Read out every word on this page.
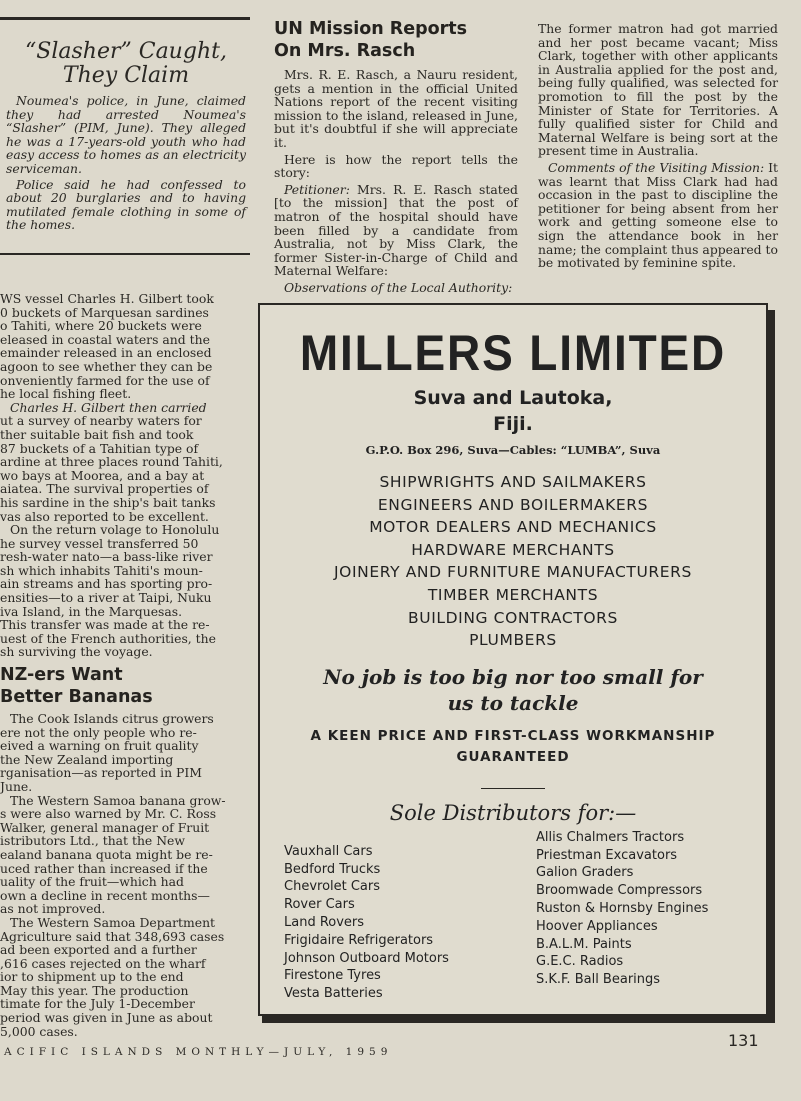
“Slasher” Caught,
They Claim

Noumea's police, in June, claimed they had arrested Noumea's “Slasher” (PIM, June). They alleged he was a 17-years-old youth who had easy access to homes as an electricity serviceman.

Police said he had confessed to about 20 burglaries and to having mutilated female clothing in some of the homes.

UN Mission Reports
On Mrs. Rasch

Mrs. R. E. Rasch, a Nauru resident, gets a mention in the official United Nations report of the recent visiting mission to the island, released in June, but it's doubtful if she will appreciate it.

Here is how the report tells the story:

Petitioner: Mrs. R. E. Rasch stated [to the mission] that the post of matron of the hospital should have been filled by a candidate from Australia, not by Miss Clark, the former Sister-in-Charge of Child and Maternal Welfare:

Observations of the Local Authority:

The former matron had got married and her post became vacant; Miss Clark, together with other applicants in Australia applied for the post and, being fully qualified, was selected for promotion to fill the post by the Minister of State for Territories. A fully qualified sister for Child and Maternal Welfare is being sort at the present time in Australia.

Comments of the Visiting Mission: It was learnt that Miss Clark had had occasion in the past to discipline the petitioner for being absent from her work and getting someone else to sign the attendance book in her name; the complaint thus appeared to be motivated by feminine spite.

WS vessel Charles H. Gilbert took

0 buckets of Marquesan sardines

o Tahiti, where 20 buckets were

eleased in coastal waters and the

emainder released in an enclosed

agoon to see whether they can be

onveniently farmed for the use of

he local fishing fleet.

Charles H. Gilbert then carried

ut a survey of nearby waters for

ther suitable bait fish and took

87 buckets of a Tahitian type of

ardine at three places round Tahiti,

wo bays at Moorea, and a bay at

aiatea. The survival properties of

his sardine in the ship's bait tanks

vas also reported to be excellent.

On the return volage to Honolulu

he survey vessel transferred 50

resh-water nato—a bass-like river

sh which inhabits Tahiti's moun-

ain streams and has sporting pro-

ensities—to a river at Taipi, Nuku

iva Island, in the Marquesas.

This transfer was made at the re-

uest of the French authorities, the

sh surviving the voyage.

NZ-ers Want
Better Bananas

The Cook Islands citrus growers

ere not the only people who re-

eived a warning on fruit quality

the New Zealand importing

rganisation—as reported in PIM

June.

The Western Samoa banana grow-

s were also warned by Mr. C. Ross

Walker, general manager of Fruit

istributors Ltd., that the New

ealand banana quota might be re-

uced rather than increased if the

uality of the fruit—which had

own a decline in recent months—

as not improved.

The Western Samoa Department

Agriculture said that 348,693 cases

ad been exported and a further

,616 cases rejected on the wharf

ior to shipment up to the end

May this year. The production

timate for the July 1-December

period was given in June as about

5,000 cases.

MILLERS LIMITED
Suva and Lautoka,
Fiji.
G.P.O. Box 296, Suva—Cables: “LUMBA”, Suva
SHIPWRIGHTS AND SAILMAKERS
ENGINEERS AND BOILERMAKERS
MOTOR DEALERS AND MECHANICS
HARDWARE MERCHANTS
JOINERY AND FURNITURE MANUFACTURERS
TIMBER MERCHANTS
BUILDING CONTRACTORS
PLUMBERS
No job is too big nor too small for
us to tackle
A KEEN PRICE AND FIRST-CLASS WORKMANSHIP
GUARANTEED
Sole Distributors for:—
Vauxhall Cars
Bedford Trucks
Chevrolet Cars
Rover Cars
Land Rovers
Frigidaire Refrigerators
Johnson Outboard Motors
Firestone Tyres
Vesta Batteries
Allis Chalmers Tractors
Priestman Excavators
Galion Graders
Broomwade Compressors
Ruston & Hornsby Engines
Hoover Appliances
B.A.L.M. Paints
G.E.C. Radios
S.K.F. Ball Bearings
ACIFIC ISLANDS MONTHLY—JULY, 1959
131
